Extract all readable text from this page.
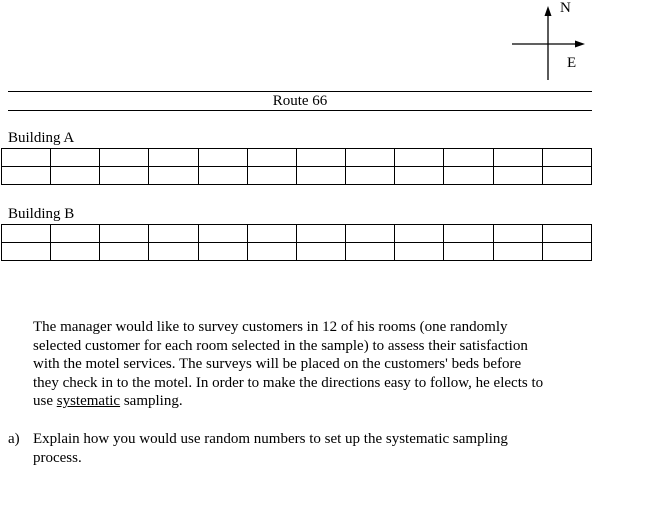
N
E
Route 66
Building A

Building B

The manager would like to survey customers in 12 of his rooms (one randomly
selected customer for each room selected in the sample) to assess their satisfaction
with the motel services. The surveys will be placed on the customers' beds before
they check in to the motel. In order to make the directions easy to follow, he elects to
use systematic sampling.
a) Explain how you would use random numbers to set up the systematic sampling
process.
